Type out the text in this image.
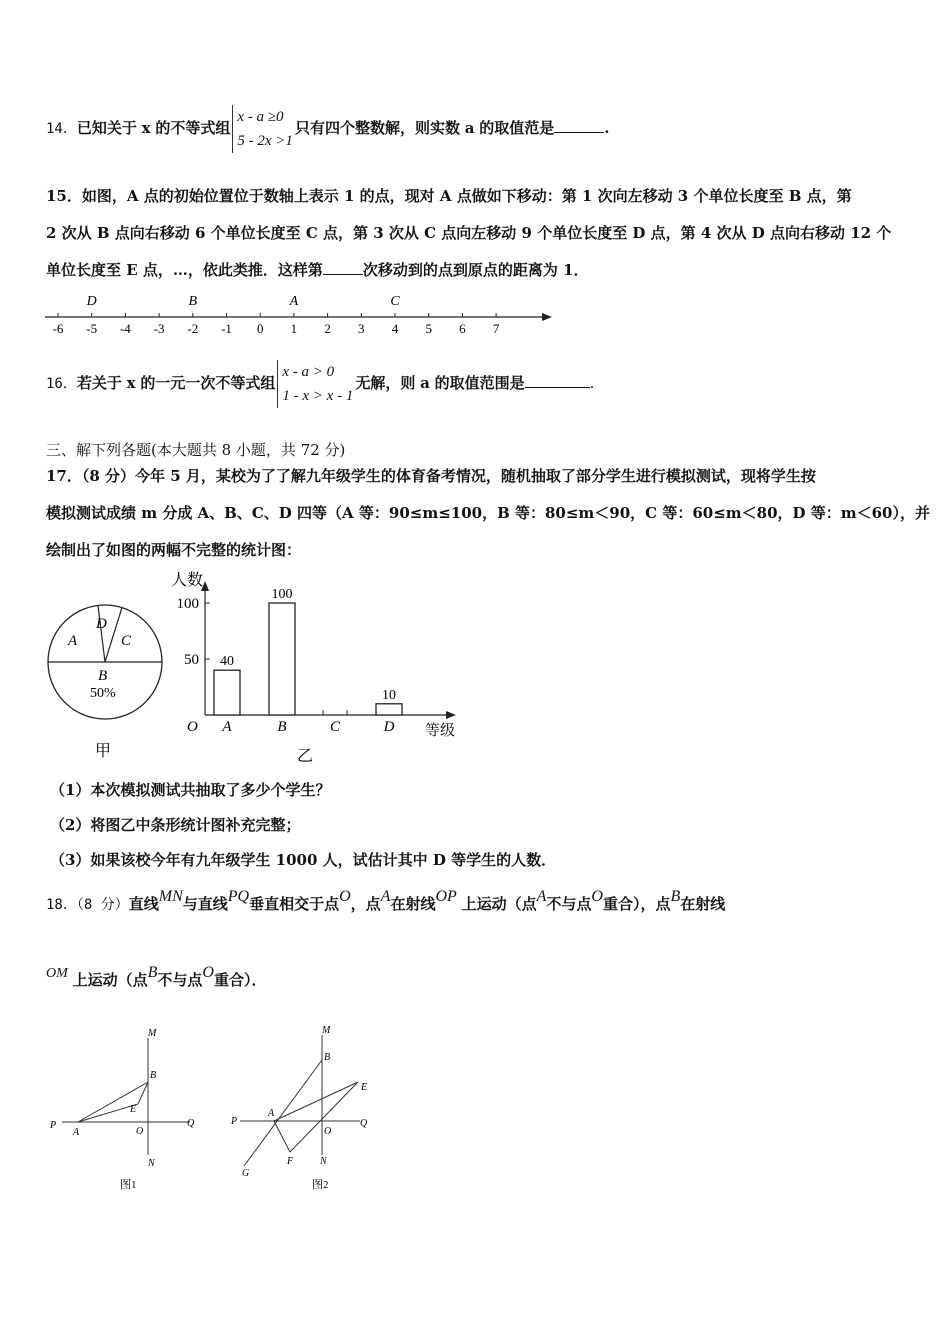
14．已知关于 x 的不等式组
x - a ≥0
5 - 2x >1
只有四个整数解，则实数 a 的取值范是	.
15．如图，A 点的初始位置位于数轴上表示 1 的点，现对 A 点做如下移动：第 1 次向左移动 3 个单位长度至 B 点，第
2 次从 B 点向右移动 6 个单位长度至 C 点，第 3 次从 C 点向左移动 9 个单位长度至 D 点，第 4 次从 D 点向右移动 12 个
单位长度至 E 点，…，依此类推．这样第	次移动到的点到原点的距离为 1．
-6 -5 -4 -3 -2 -1 0 1 2 3 4 5 6 7
D	B	A	C
16．若关于 x 的一元一次不等式组
x - a > 0
1 - x > x - 1
无解，则 a 的取值范围是	.
三、解下列各题(本大题共 8 小题，共 72 分)
17．（8 分）今年 5 月，某校为了了解九年级学生的体育备考情况，随机抽取了部分学生进行模拟测试，现将学生按
模拟测试成绩 m 分成 A、B、C、D 四等（A 等：90≤m≤100，B 等：80≤m＜90，C 等：60≤m＜80，D 等：m＜60），并
绘制出了如图的两幅不完整的统计图：
A
D
C
B
50%
甲
人数
等级
O
100
50
A	B	C	D
40
100
10
乙
（1）本次模拟测试共抽取了多少个学生？
（2）将图乙中条形统计图补充完整；
（3）如果该校今年有九年级学生 1000 人，试估计其中 D 等学生的人数．
18．（8 分）直线MN与直线PQ垂直相交于点O，点A在射线OP 上运动（点A不与点O重合），点B在射线
OM 上运动（点B不与点O重合）．
M
B
E
P
A	O
Q
N
图1
M
B
E
P
A
O
Q
G
F	N
图2
